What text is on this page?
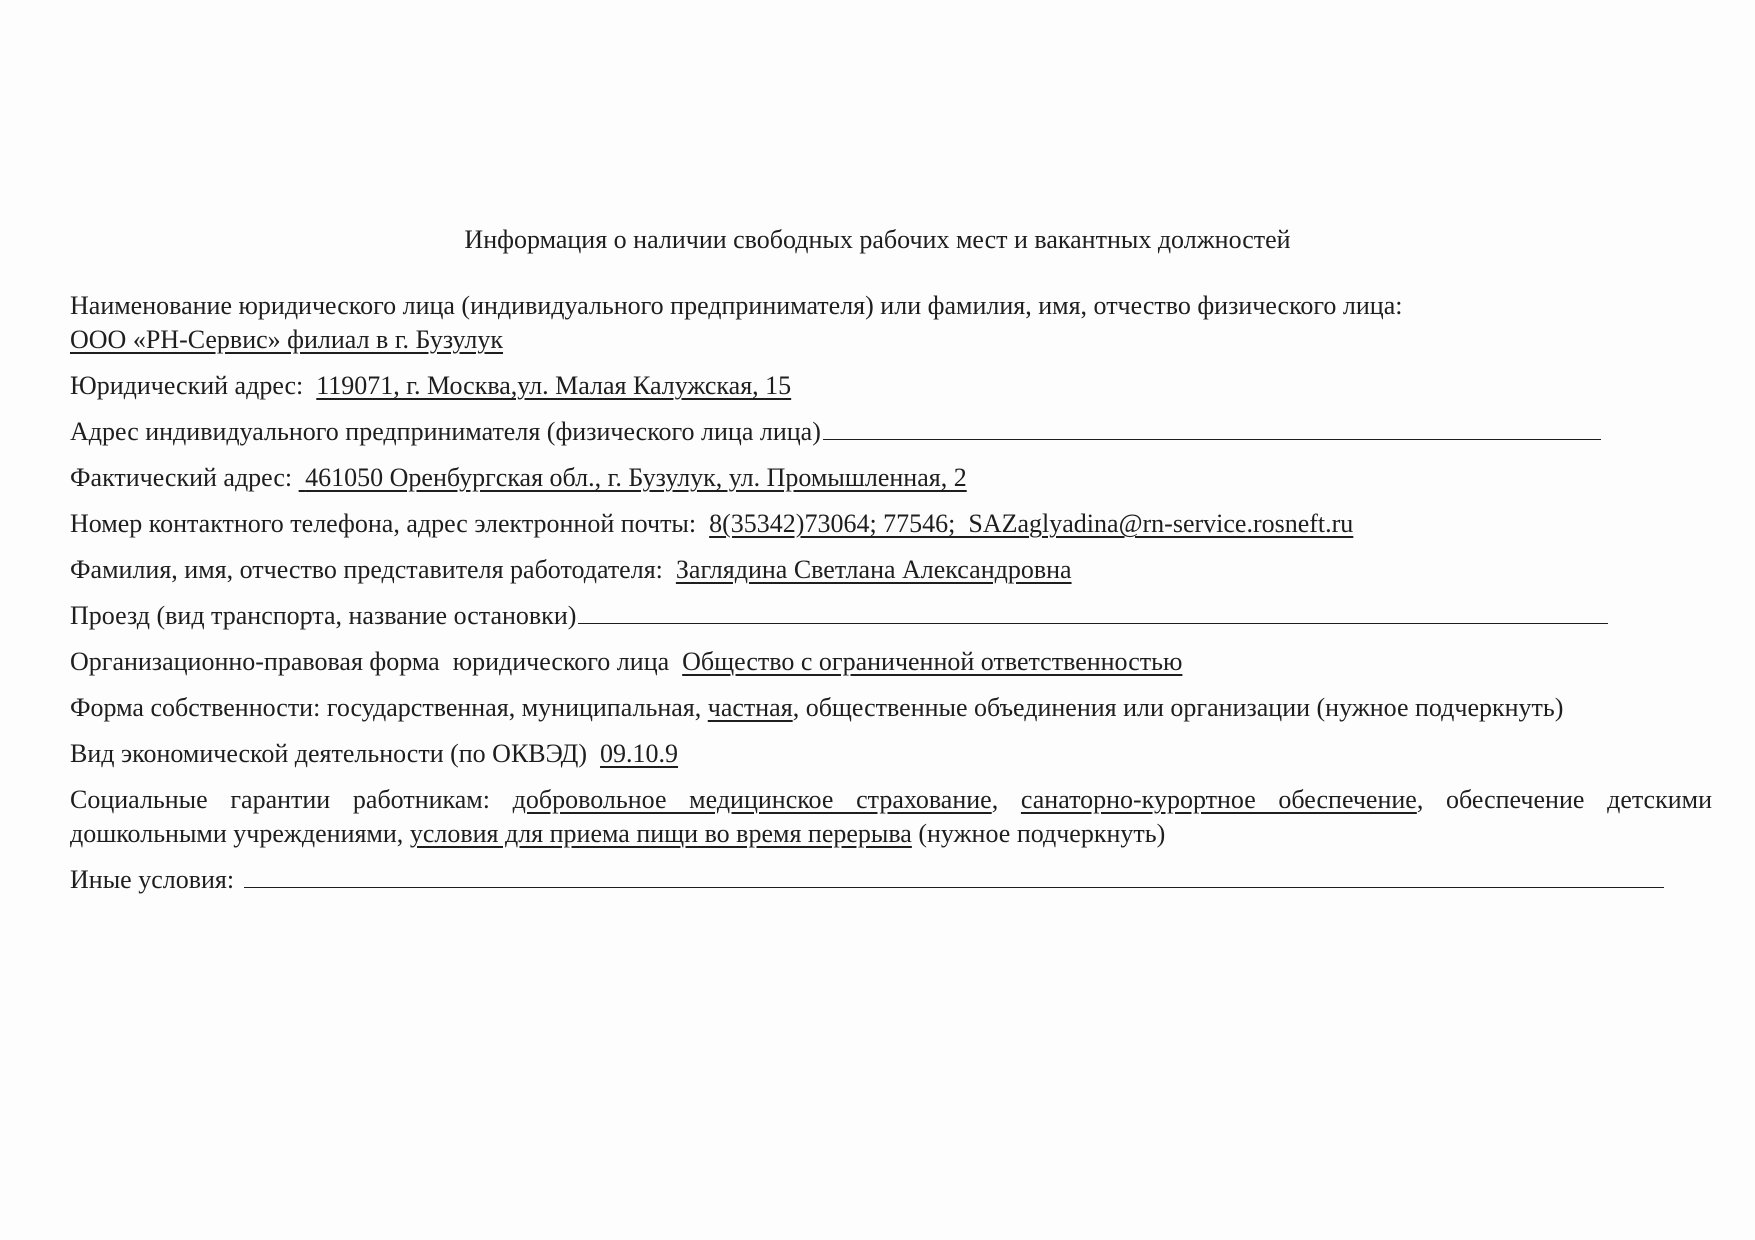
Информация о наличии свободных рабочих мест и вакантных должностей
Наименование юридического лица (индивидуального предпринимателя) или фамилия, имя, отчество физического лица:
ООО «РН-Сервис» филиал в г. Бузулук
Юридический адрес: 119071, г. Москва,ул. Малая Калужская, 15
Адрес индивидуального предпринимателя (физического лица лица)
Фактический адрес: 461050 Оренбургская обл., г. Бузулук, ул. Промышленная, 2
Номер контактного телефона, адрес электронной почты: 8(35342)73064; 77546;  SAZaglyadina@rn-service.rosneft.ru
Фамилия, имя, отчество представителя работодателя: Заглядина Светлана Александровна
Проезд (вид транспорта, название остановки)
Организационно-правовая форма  юридического лица Общество с ограниченной ответственностью
Форма собственности: государственная, муниципальная, частная, общественные объединения или организации (нужное подчеркнуть)
Вид экономической деятельности (по ОКВЭД) 09.10.9
Социальные гарантии работникам: добровольное медицинское страхование, санаторно-курортное обеспечение, обеспечение детскими дошкольными учреждениями, условия для приема пищи во время перерыва (нужное подчеркнуть)
Иные условия:
